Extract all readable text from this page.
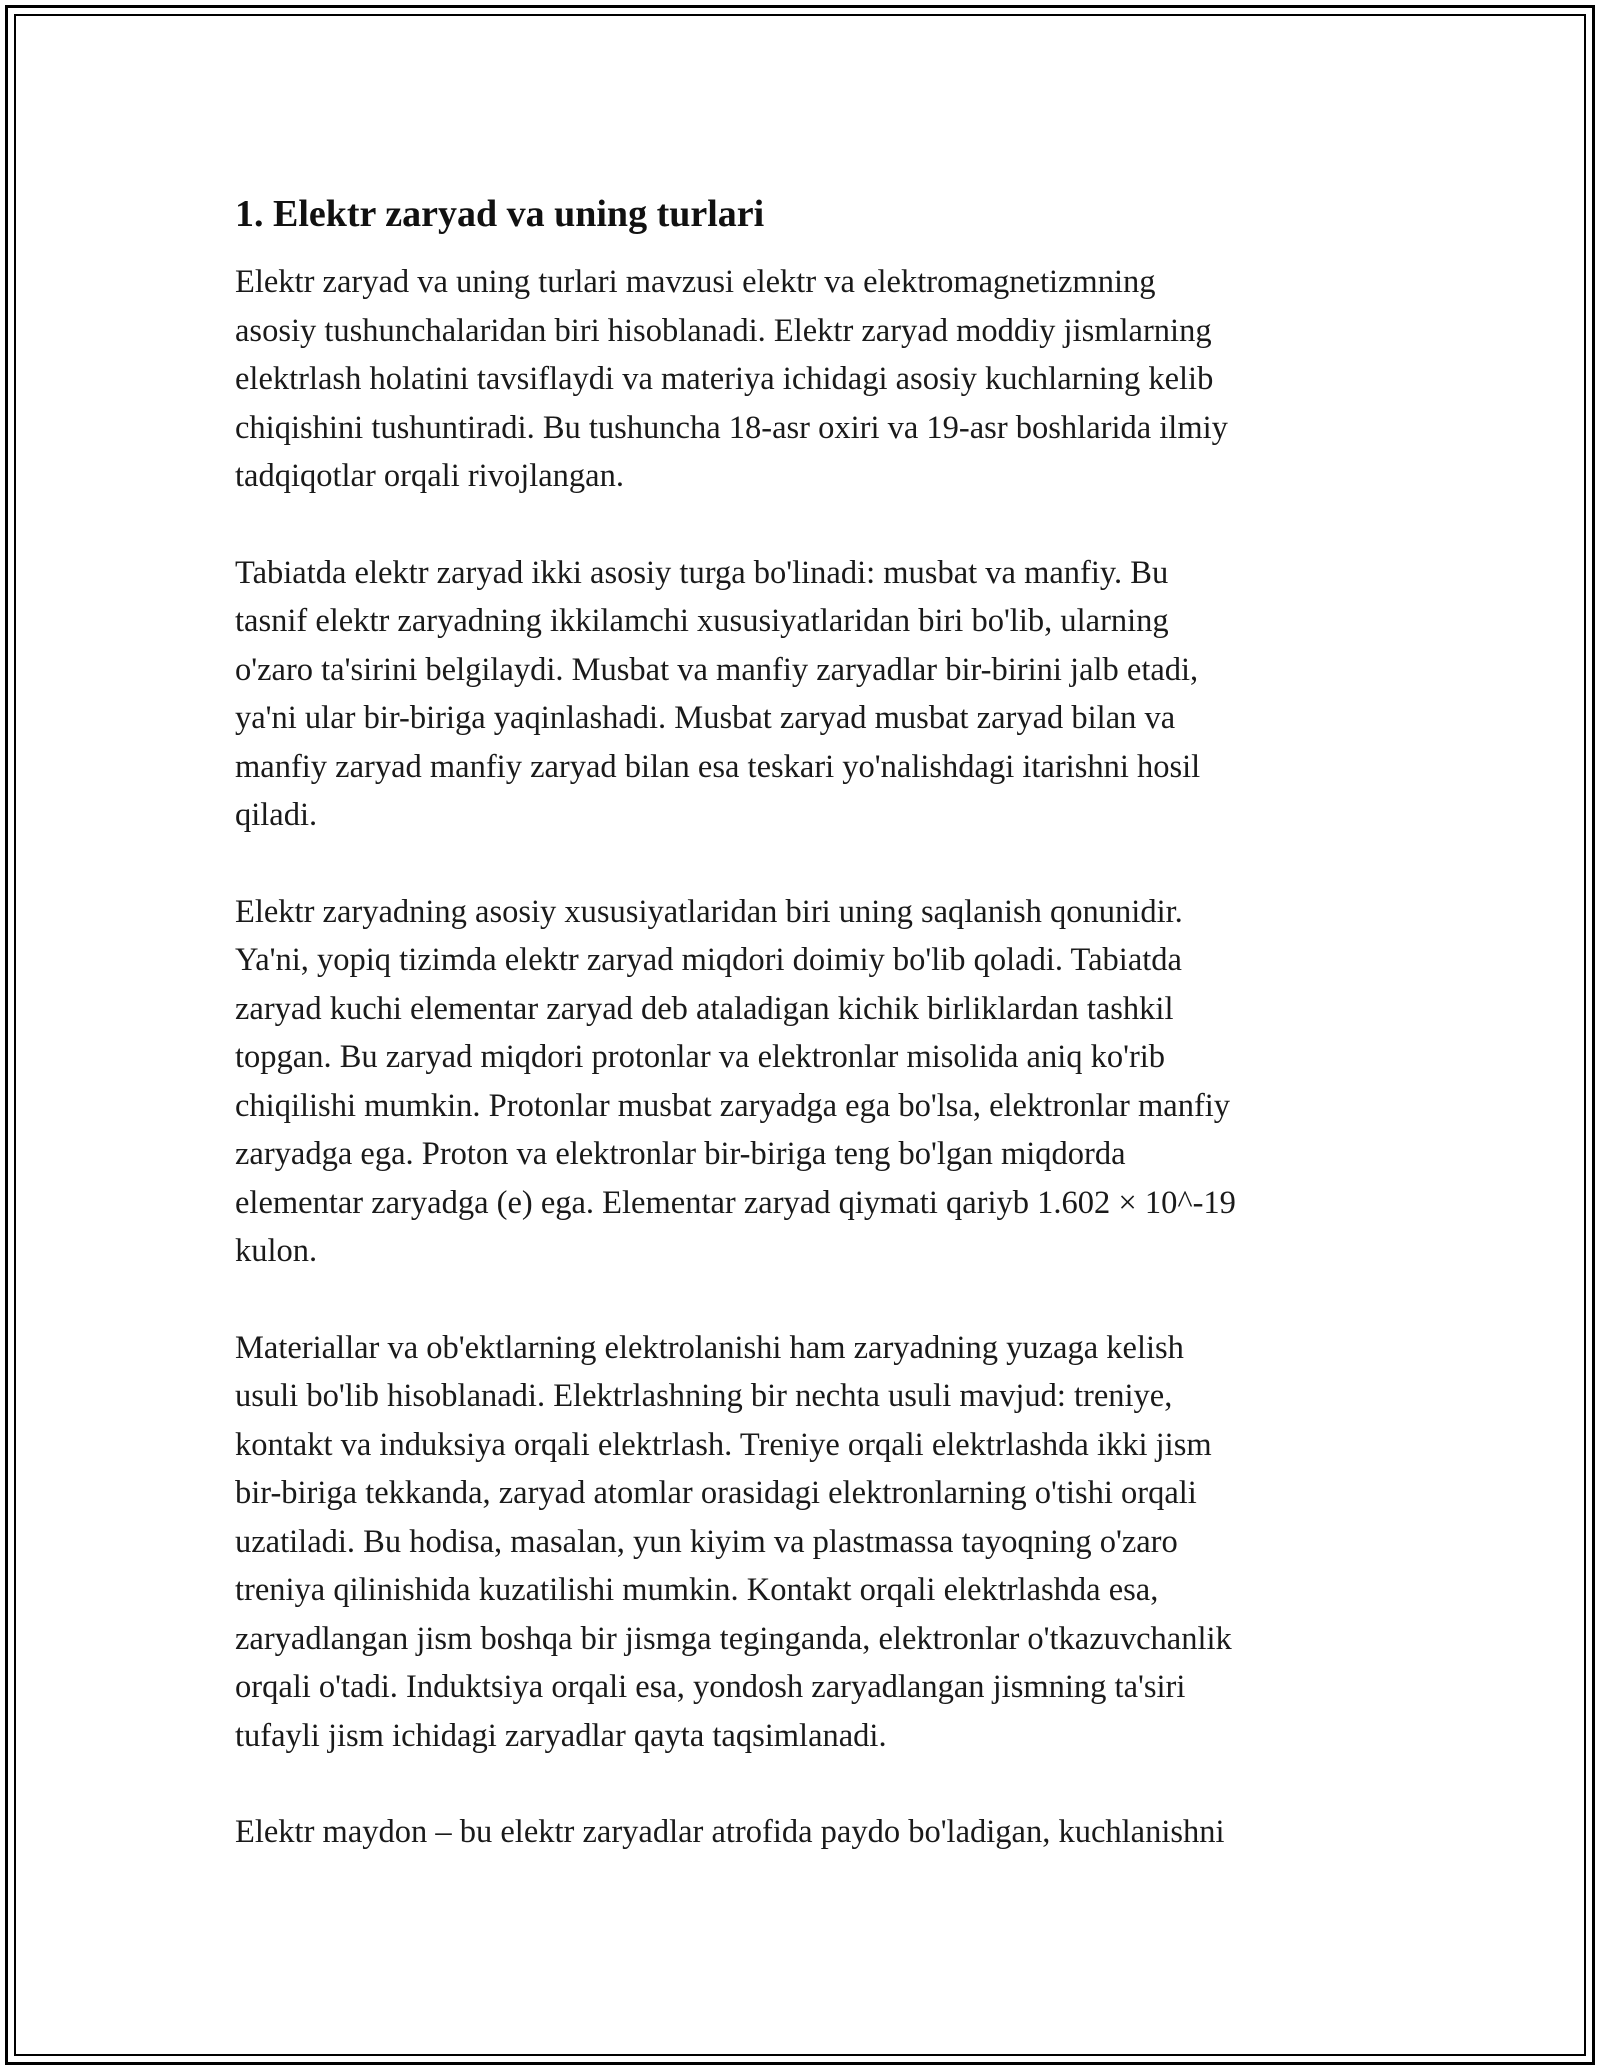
1. Elektr zaryad va uning turlari

Elektr zaryad va uning turlari mavzusi elektr va elektromagnetizmning
asosiy tushunchalaridan biri hisoblanadi. Elektr zaryad moddiy jismlarning
elektrlash holatini tavsiflaydi va materiya ichidagi asosiy kuchlarning kelib
chiqishini tushuntiradi. Bu tushuncha 18-asr oxiri va 19-asr boshlarida ilmiy
tadqiqotlar orqali rivojlangan.

Tabiatda elektr zaryad ikki asosiy turga bo'linadi: musbat va manfiy. Bu
tasnif elektr zaryadning ikkilamchi xususiyatlaridan biri bo'lib, ularning
o'zaro ta'sirini belgilaydi. Musbat va manfiy zaryadlar bir-birini jalb etadi,
ya'ni ular bir-biriga yaqinlashadi. Musbat zaryad musbat zaryad bilan va
manfiy zaryad manfiy zaryad bilan esa teskari yo'nalishdagi itarishni hosil
qiladi.

Elektr zaryadning asosiy xususiyatlaridan biri uning saqlanish qonunidir.
Ya'ni, yopiq tizimda elektr zaryad miqdori doimiy bo'lib qoladi. Tabiatda
zaryad kuchi elementar zaryad deb ataladigan kichik birliklardan tashkil
topgan. Bu zaryad miqdori protonlar va elektronlar misolida aniq ko'rib
chiqilishi mumkin. Protonlar musbat zaryadga ega bo'lsa, elektronlar manfiy
zaryadga ega. Proton va elektronlar bir-biriga teng bo'lgan miqdorda
elementar zaryadga (e) ega. Elementar zaryad qiymati qariyb 1.602 × 10^-19
kulon.

Materiallar va ob'ektlarning elektrolanishi ham zaryadning yuzaga kelish
usuli bo'lib hisoblanadi. Elektrlashning bir nechta usuli mavjud: treniye,
kontakt va induksiya orqali elektrlash. Treniye orqali elektrlashda ikki jism
bir-biriga tekkanda, zaryad atomlar orasidagi elektronlarning o'tishi orqali
uzatiladi. Bu hodisa, masalan, yun kiyim va plastmassa tayoqning o'zaro
treniya qilinishida kuzatilishi mumkin. Kontakt orqali elektrlashda esa,
zaryadlangan jism boshqa bir jismga teginganda, elektronlar o'tkazuvchanlik
orqali o'tadi. Induktsiya orqali esa, yondosh zaryadlangan jismning ta'siri
tufayli jism ichidagi zaryadlar qayta taqsimlanadi.

Elektr maydon – bu elektr zaryadlar atrofida paydo bo'ladigan, kuchlanishni
